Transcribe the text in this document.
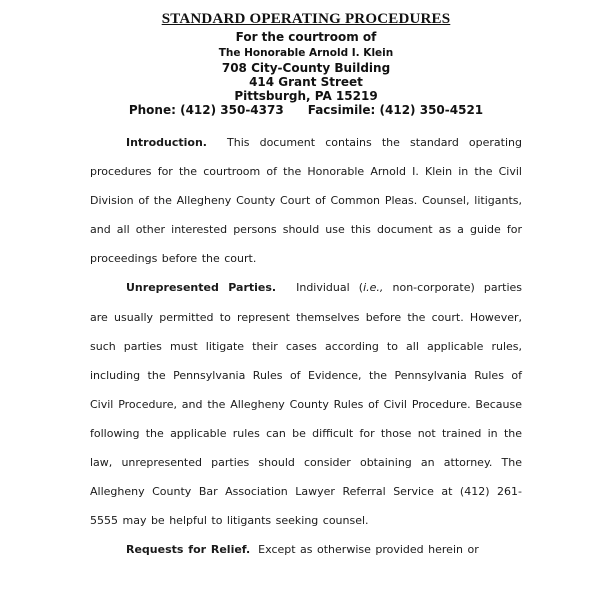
STANDARD OPERATING PROCEDURES
For the courtroom of
The Honorable Arnold I. Klein
708 City-County Building
414 Grant Street
Pittsburgh, PA 15219
Phone: (412) 350-4373 Facsimile: (412) 350-4521

Introduction. This document contains the standard operating procedures for the courtroom of the Honorable Arnold I. Klein in the Civil Division of the Allegheny County Court of Common Pleas. Counsel, litigants, and all other interested persons should use this document as a guide for proceedings before the court.

Unrepresented Parties. Individual (i.e., non-corporate) parties are usually permitted to represent themselves before the court. However, such parties must litigate their cases according to all applicable rules, including the Pennsylvania Rules of Evidence, the Pennsylvania Rules of Civil Procedure, and the Allegheny County Rules of Civil Procedure. Because following the applicable rules can be difficult for those not trained in the law, unrepresented parties should consider obtaining an attorney. The Allegheny County Bar Association Lawyer Referral Service at (412) 261-5555 may be helpful to litigants seeking counsel.

Requests for Relief. Except as otherwise provided herein or
